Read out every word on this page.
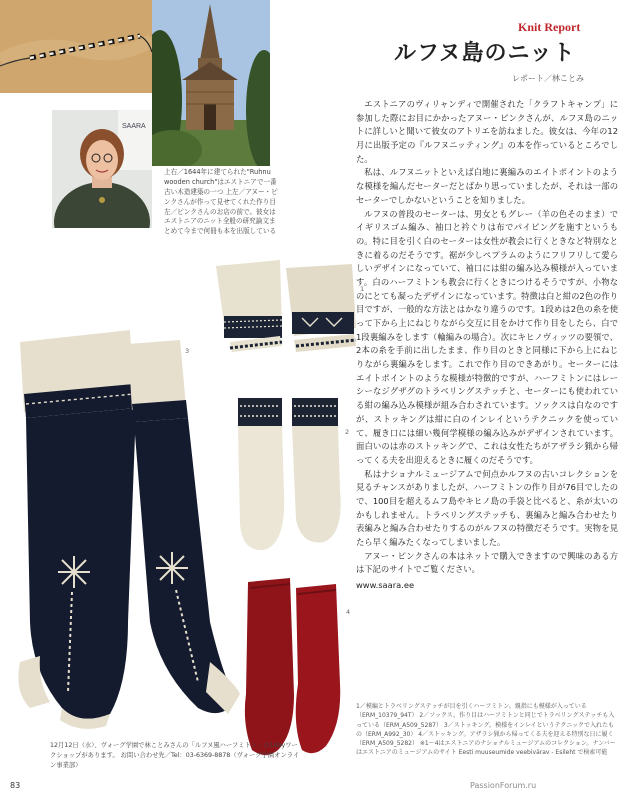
SAARA
Knit Report
ルフヌ島のニット
レポート／林ことみ
上右／1644年に建てられた"Ruhnu wooden church"はエストニアで一番古い木造建築の一つ 上左／アヌー・ピンクさんが作って見せてくれた作り目 左／ピンクさんのお店の前で。彼女はエストニアのニット全般の研究論文まとめて今まで何冊も本を出版している

エストニアのヴィリャンディで開催された「クラフトキャンプ」に参加した際にお目にかかったアヌー・ピンクさんが、ルフヌ島のニットに詳しいと聞いて彼女のアトリエを訪ねました。彼女は、今年の12月に出版予定の『ルフヌニッティング』の本を作っているところでした。

私は、ルフヌニットといえば白地に裏編みのエイトポイントのような模様を編んだセーターだとばかり思っていましたが、それは一部のセーターでしかないということを知りました。

ルフヌの普段のセーターは、男女ともグレー（羊の色そのまま）でイギリスゴム編み、袖口と衿ぐりは布でパイピングを施すというもの。特に目を引く白のセーターは女性が教会に行くときなど特別なときに着るのだそうです。裾が少しペプラムのようにフリフリして愛らしいデザインになっていて、袖口には紺の編み込み模様が入っています。白のハーフミトンも教会に行くときにつけるそうですが、小物なのにとても凝ったデザインになっています。特徴は白と紺の2色の作り目ですが、一般的な方法とはかなり違うのです。1段めは2色の糸を使って下から上にねじりながら交互に目をかけて作り目をしたら、白で1段裏編みをします（輪編みの場合）。次にキヒノヴィッツの要領で、2本の糸を手前に出したまま、作り目のときと同様に下から上にねじりながら裏編みをします。これで作り目のできあがり。セーターにはエイトポイントのような模様が特徴的ですが、ハーフミトンにはレーシーなジグザグのトラベリングステッチと、セーターにも使われている紺の編み込み模様が組み合わされています。ソックスは白なのですが、ストッキングは紺に白のインレイというテクニックを使っていて、履き口には細い幾何学模様の編み込みがデザインされています。面白いのは赤のストッキングで、これは女性たちがアザラシ猟から帰ってくる夫を出迎えるときに履くのだそうです。

私はナショナルミュージアムで何点かルフヌの古いコレクションを見るチャンスがありましたが、ハーフミトンの作り目が76目でしたので、100目を超えるムフ島やキヒノ島の手袋と比べると、糸が太いのかもしれません。トラベリングステッチも、裏編みと編み合わせたり表編みと編み合わせたりするのがルフヌの特徴だそうです。実物を見たら早く編みたくなってしまいました。

アヌー・ピンクさんの本はネットで購入できますので興味のある方は下記のサイトでご覧ください。

www.saara.ee

1
2
3
4
12月12日（水）、ヴォーグ学園で林ことみさんの「ルフヌ風ハーフミトン」の1dayワークショップがあります。 お問い合わせ先／Tel：03-6369-8878（ヴォーグ学園オンライン事業部）
1／模編とトラベリングステッチが目を引くハーフミトン。親指にも模様が入っている（ERM_10379_94T） 2／ソックス。作り目はハーフミトンと同じでトラベリングステッチも入っている（ERM_A509_5287） 3／ストッキング。模様をインレイというテクニックで入れたもの（ERM_A992_30） 4／ストッキング。アザラシ猟から帰ってくる夫を迎える特別な日に履く（ERM_A509_5282） ※1〜4はエストニアのナショナルミュージアムのコレクション。ナンバーはエストニアのミュージアムのサイト Eesti muuseumide veebivärav - Esileht で検索可能
83	PassionForum.ru
